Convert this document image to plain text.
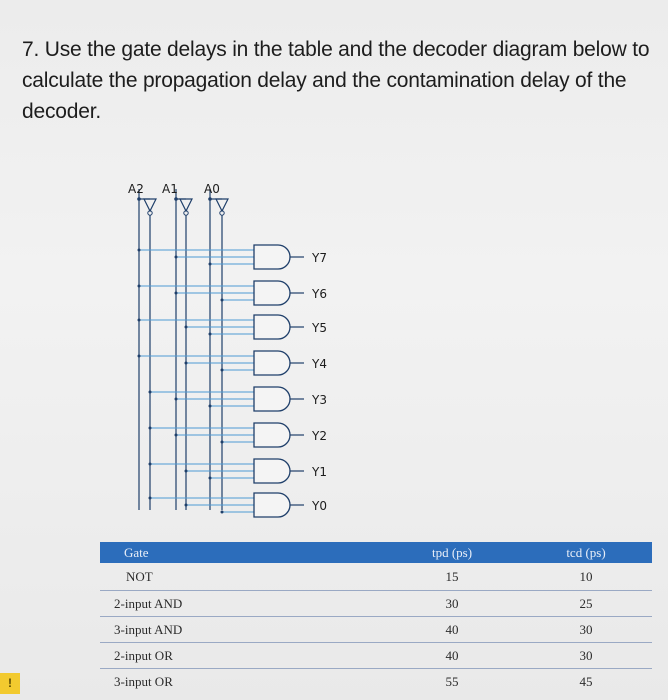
7. Use the gate delays in the table and the decoder diagram below to calculate the propagation delay and the contamination delay of the decoder.
Y7
Y6
Y5
Y4
Y3
Y2
Y1
Y0
A2 A1 A0
Gate	tpd (ps)	tcd (ps)
NOT	15	10
2-input AND	30	25
3-input AND	40	30
2-input OR	40	30
3-input OR	55	45
!
